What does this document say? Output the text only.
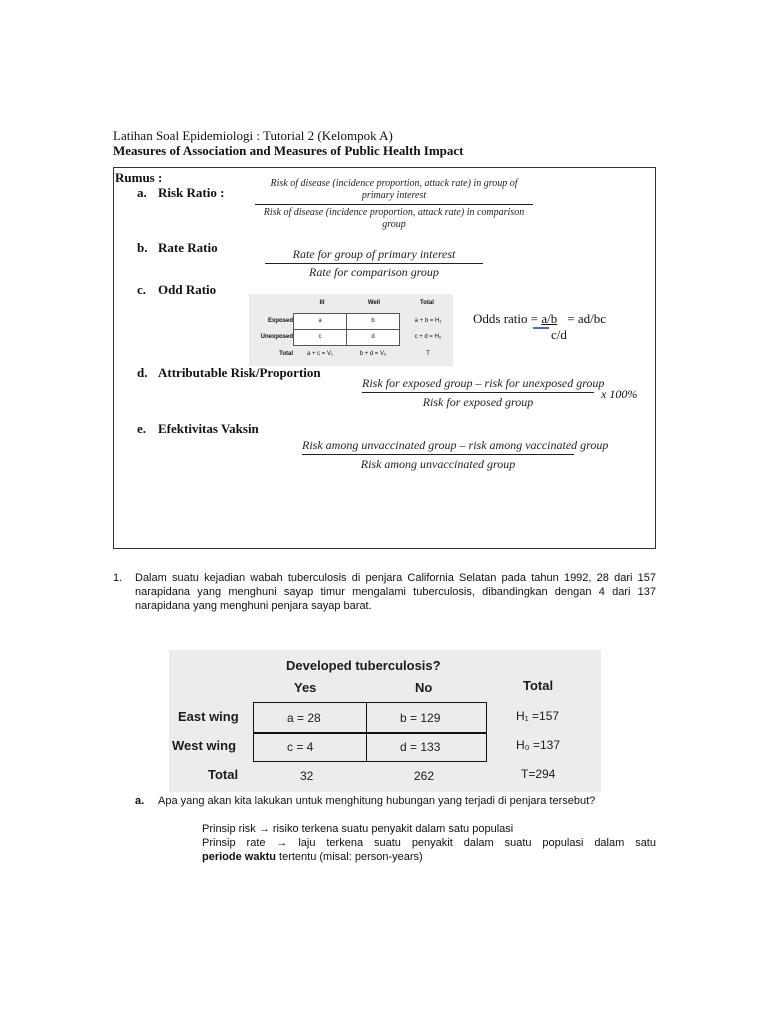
Latihan Soal Epidemiologi : Tutorial 2 (Kelompok A)
Measures of Association and Measures of Public Health Impact
Rumus :
a. Risk Ratio :
Risk of disease (incidence proportion, attack rate) in group of primary interest
Risk of disease (incidence proportion, attack rate) in comparison group
b. Rate Ratio	Rate for group of primary interest
Rate for comparison group
c. Odd Ratio
Ill	Well	Total
Exposed	a	b	a + b = H₁
Unexposed	c	d	c + d = H₀
Total	a + c = V₁	b + d = V₀	T
Odds ratio = a/b = ad/bc
c/d
d. Attributable Risk/Proportion
Risk for exposed group – risk for unexposed group
Risk for exposed group
x 100%
e. Efektivitas Vaksin
Risk among unvaccinated group – risk among vaccinated group
Risk among unvaccinated group
1. Dalam suatu kejadian wabah tuberculosis di penjara California Selatan pada tahun 1992, 28 dari 157 narapidana yang menghuni sayap timur mengalami tuberculosis, dibandingkan dengan 4 dari 137 narapidana yang menghuni penjara sayap barat.
Developed tuberculosis?
Yes	No	Total
East wing	a = 28	b = 129	H₁ =157
West wing	c = 4	d = 133	H₀ =137
Total	32	262	T=294
a. Apa yang akan kita lakukan untuk menghitung hubungan yang terjadi di penjara tersebut?
Prinsip risk → risiko terkena suatu penyakit dalam satu populasi
Prinsip rate → laju terkena suatu penyakit dalam suatu populasi dalam satu
periode waktu tertentu (misal: person-years)
